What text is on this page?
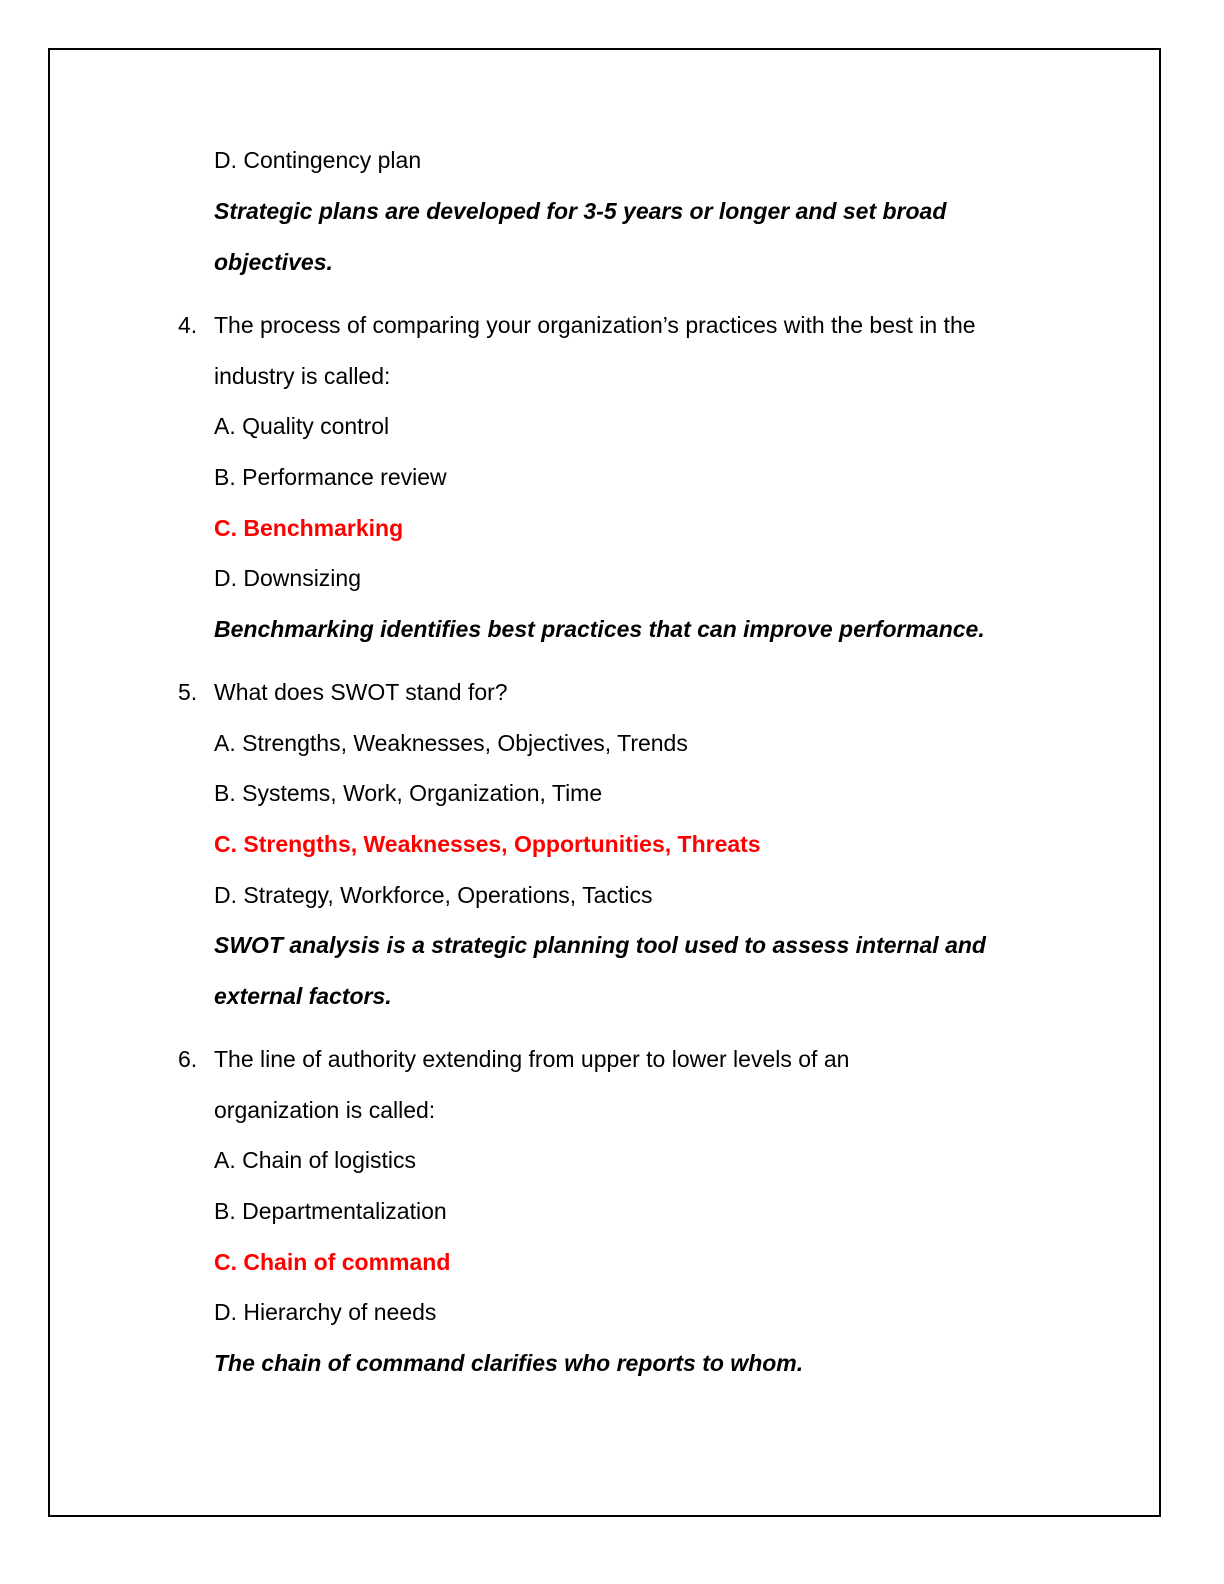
D. Contingency plan
Strategic plans are developed for 3-5 years or longer and set broad
objectives.
4. The process of comparing your organization’s practices with the best in the
industry is called:
A. Quality control
B. Performance review
C. Benchmarking
D. Downsizing
Benchmarking identifies best practices that can improve performance.
5. What does SWOT stand for?
A. Strengths, Weaknesses, Objectives, Trends
B. Systems, Work, Organization, Time
C. Strengths, Weaknesses, Opportunities, Threats
D. Strategy, Workforce, Operations, Tactics
SWOT analysis is a strategic planning tool used to assess internal and
external factors.
6. The line of authority extending from upper to lower levels of an
organization is called:
A. Chain of logistics
B. Departmentalization
C. Chain of command
D. Hierarchy of needs
The chain of command clarifies who reports to whom.
